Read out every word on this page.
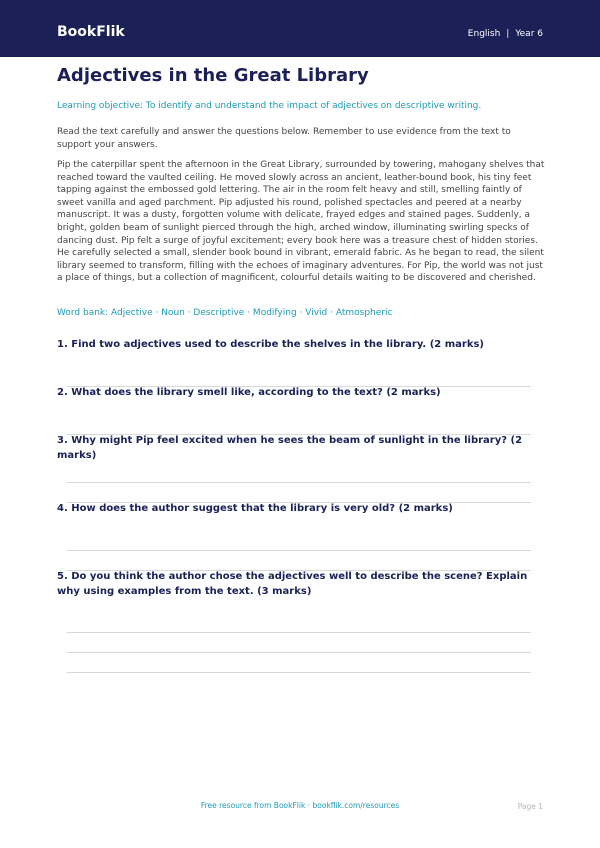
BookFlik	English | Year 6
Adjectives in the Great Library

Learning objective: To identify and understand the impact of adjectives on descriptive writing.

Read the text carefully and answer the questions below. Remember to use evidence from the text to support your answers.

Pip the caterpillar spent the afternoon in the Great Library, surrounded by towering, mahogany shelves that reached toward the vaulted ceiling. He moved slowly across an ancient, leather-bound book, his tiny feet tapping against the embossed gold lettering. The air in the room felt heavy and still, smelling faintly of sweet vanilla and aged parchment. Pip adjusted his round, polished spectacles and peered at a nearby manuscript. It was a dusty, forgotten volume with delicate, frayed edges and stained pages. Suddenly, a bright, golden beam of sunlight pierced through the high, arched window, illuminating swirling specks of dancing dust. Pip felt a surge of joyful excitement; every book here was a treasure chest of hidden stories. He carefully selected a small, slender book bound in vibrant, emerald fabric. As he began to read, the silent library seemed to transform, filling with the echoes of imaginary adventures. For Pip, the world was not just a place of things, but a collection of magnificent, colourful details waiting to be discovered and cherished.

Word bank: Adjective · Noun · Descriptive · Modifying · Vivid · Atmospheric

1. Find two adjectives used to describe the shelves in the library. (2 marks)
2. What does the library smell like, according to the text? (2 marks)
3. Why might Pip feel excited when he sees the beam of sunlight in the library? (2 marks)
4. How does the author suggest that the library is very old? (2 marks)
5. Do you think the author chose the adjectives well to describe the scene? Explain why using examples from the text. (3 marks)
Free resource from BookFlik · bookflik.com/resources	Page 1
